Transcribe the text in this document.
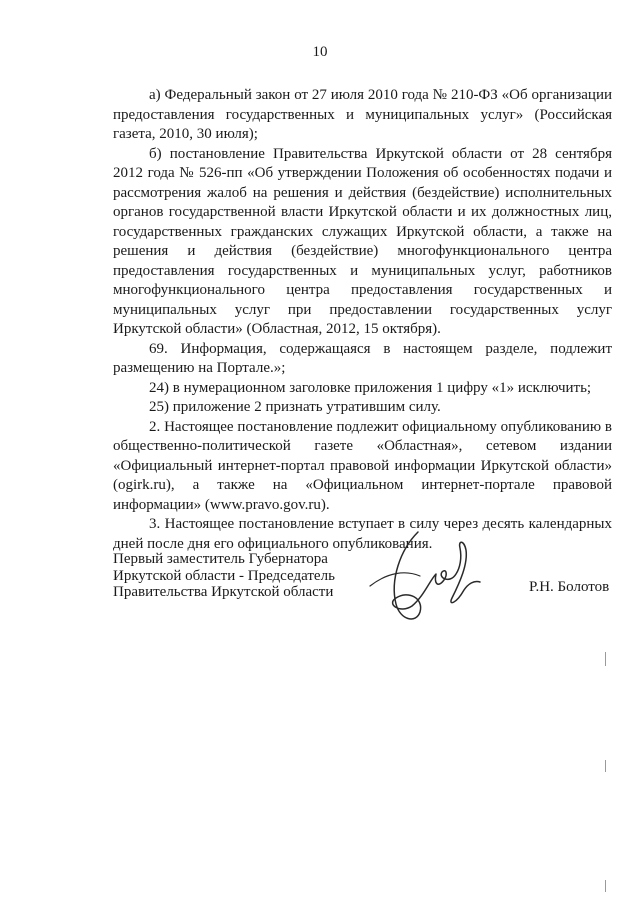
10

а) Федеральный закон от 27 июля 2010 года № 210-ФЗ «Об организации предоставления государственных и муниципальных услуг» (Российская газета, 2010, 30 июля);

б) постановление Правительства Иркутской области от 28 сентября 2012 года № 526-пп «Об утверждении Положения об особенностях подачи и рассмотрения жалоб на решения и действия (бездействие) исполнительных органов государственной власти Иркутской области и их должностных лиц, государственных гражданских служащих Иркутской области, а также на решения и действия (бездействие) многофункционального центра предоставления государственных и муниципальных услуг, работников многофункционального центра предоставления государственных и муниципальных услуг при предоставлении государственных услуг Иркутской области» (Областная, 2012, 15 октября).

69. Информация, содержащаяся в настоящем разделе, подлежит размещению на Портале.»;

24) в нумерационном заголовке приложения 1 цифру «1» исключить;

25) приложение 2 признать утратившим силу.

2. Настоящее постановление подлежит официальному опубликованию в общественно-политической газете «Областная», сетевом издании «Официальный интернет-портал правовой информации Иркутской области» (ogirk.ru), а также на «Официальном интернет-портале правовой информации» (www.pravo.gov.ru).

3. Настоящее постановление вступает в силу через десять календарных дней после дня его официального опубликования.

Первый заместитель Губернатора
Иркутской области - Председатель
Правительства Иркутской области	Р.Н. Болотов
